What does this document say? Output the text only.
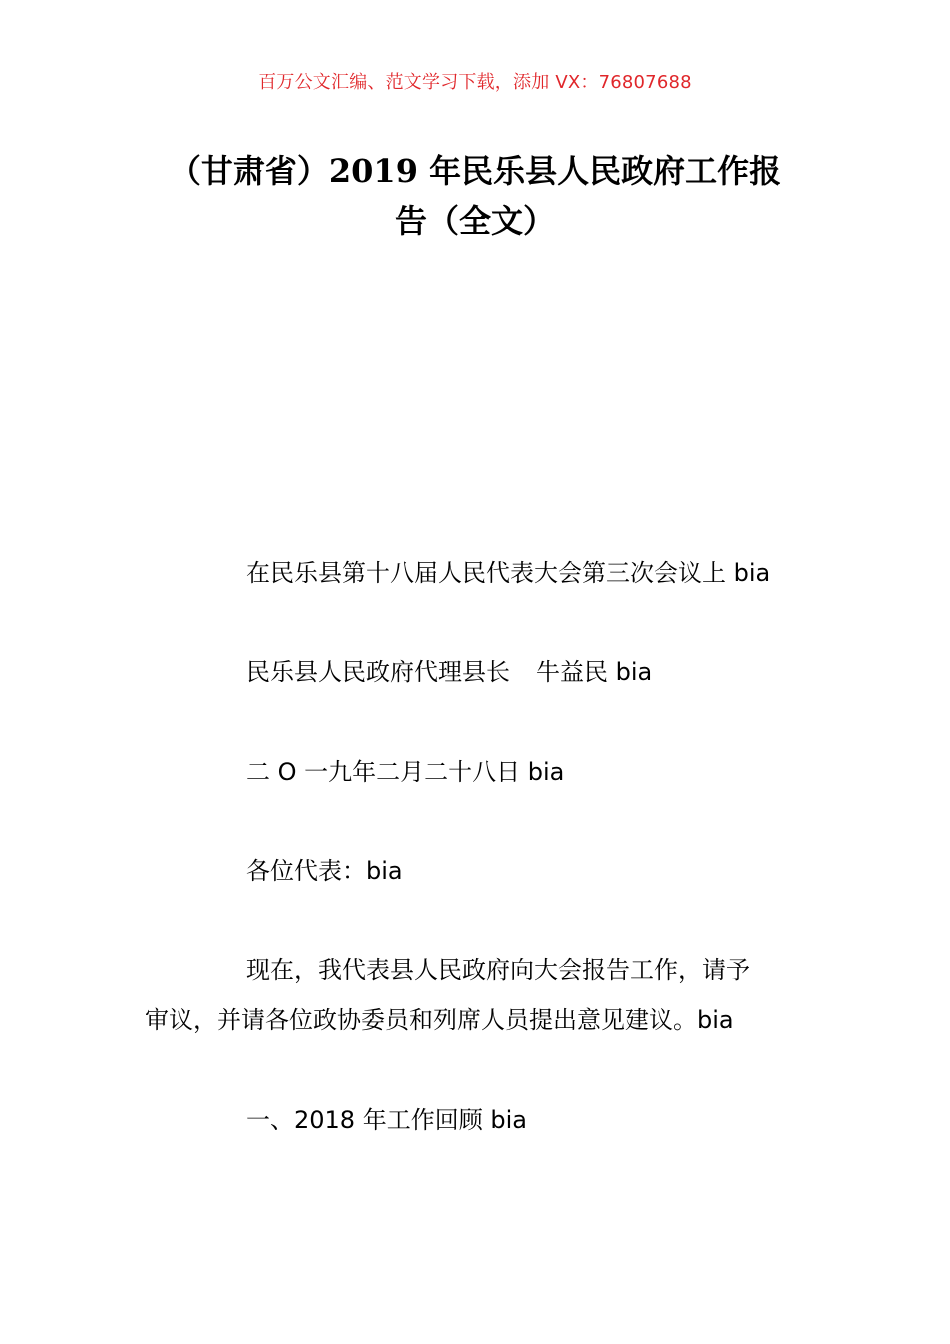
百万公文汇编、范文学习下载，添加 VX：76807688
（甘肃省）2019 年民乐县人民政府工作报
告（全文）
在民乐县第十八届人民代表大会第三次会议上 bia
民乐县人民政府代理县长 牛益民 bia
二 O 一九年二月二十八日 bia
各位代表：bia
现在，我代表县人民政府向大会报告工作，请予
审议，并请各位政协委员和列席人员提出意见建议。bia
一、2018 年工作回顾 bia
